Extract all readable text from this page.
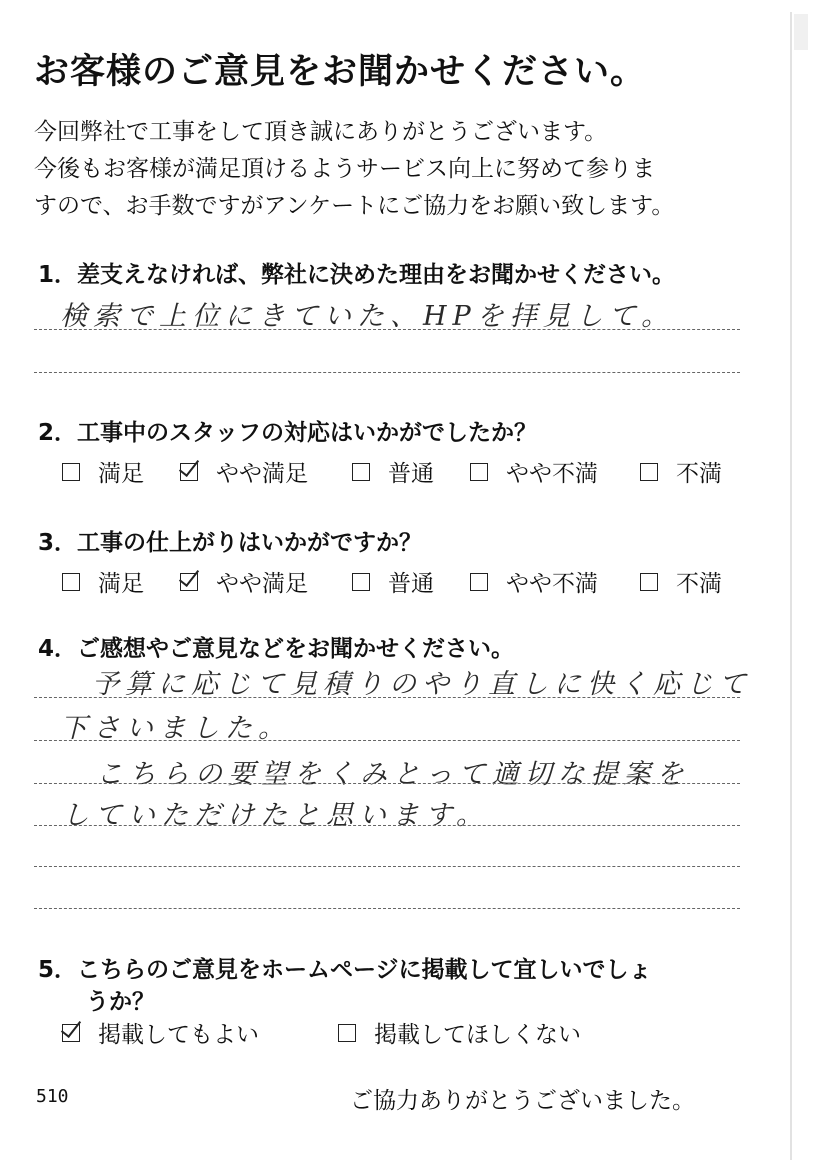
お客様のご意見をお聞かせください。
今回弊社で工事をして頂き誠にありがとうございます。
今後もお客様が満足頂けるようサービス向上に努めて参りま
すので、お手数ですがアンケートにご協力をお願い致します。
1．差支えなければ、弊社に決めた理由をお聞かせください。
検索で上位にきていた、HPを拝見して。
2．工事中のスタッフの対応はいかがでしたか？
満足	やや満足	普通	やや不満	不満
3．工事の仕上がりはいかがですか？
満足	やや満足	普通	やや不満	不満
4．ご感想やご意見などをお聞かせください。
予算に応じて見積りのやり直しに快く応じて
下さいました。
こちらの要望をくみとって適切な提案を
していただけたと思います。
5．こちらのご意見をホームページに掲載して宜しいでしょ
うか？
掲載してもよい	掲載してほしくない
510	ご協力ありがとうございました。
